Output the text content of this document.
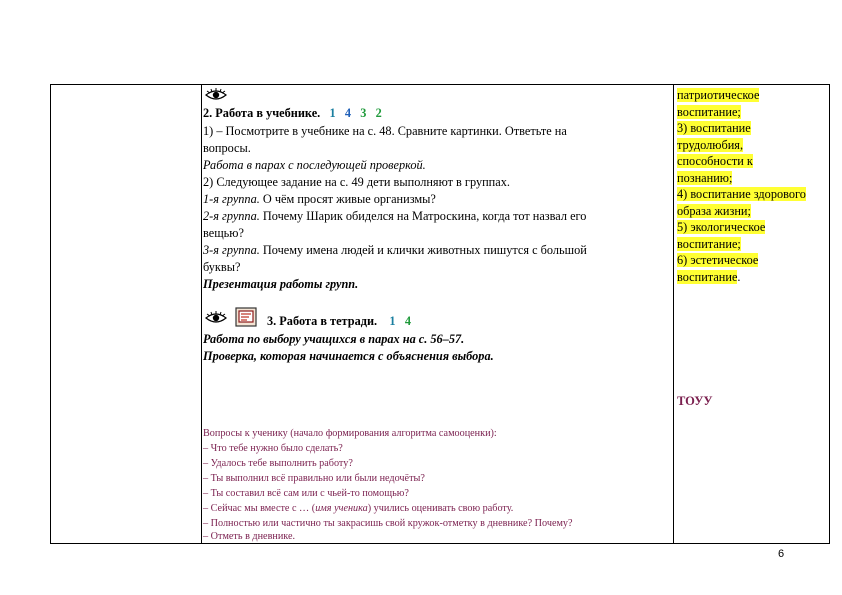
2. Работа в учебнике. 1 4 3 2
1) – Посмотрите в учебнике на с. 48. Сравните картинки. Ответьте на
вопросы.
Работа в парах с последующей проверкой.
2) Следующее задание на с. 49 дети выполняют в группах.
1-я группа. О чём просят живые организмы?
2-я группа. Почему Шарик обиделся на Матроскина, когда тот назвал его
вещью?
3-я группа. Почему имена людей и клички животных пишутся с большой
буквы?
Презентация работы групп.
3. Работа в тетради. 1 4
Работа по выбору учащихся в парах на с. 56–57.
Проверка, которая начинается с объяснения выбора.
Вопросы к ученику (начало формирования алгоритма самооценки):
– Что тебе нужно было сделать?
– Удалось тебе выполнить работу?
– Ты выполнил всё правильно или были недочёты?
– Ты составил всё сам или с чьей-то помощью?
– Сейчас мы вместе с … (имя ученика) учились оценивать свою работу.
– Полностью или частично ты закрасишь свой кружок-отметку в дневнике? Почему?
– Отметь в дневнике.
патриотическое
воспитание;
3) воспитание
трудолюбия,
способности к
познанию;
4) воспитание здорового
образа жизни;
5) экологическое
воспитание;
6) эстетическое
воспитание.
ТОУУ
6
